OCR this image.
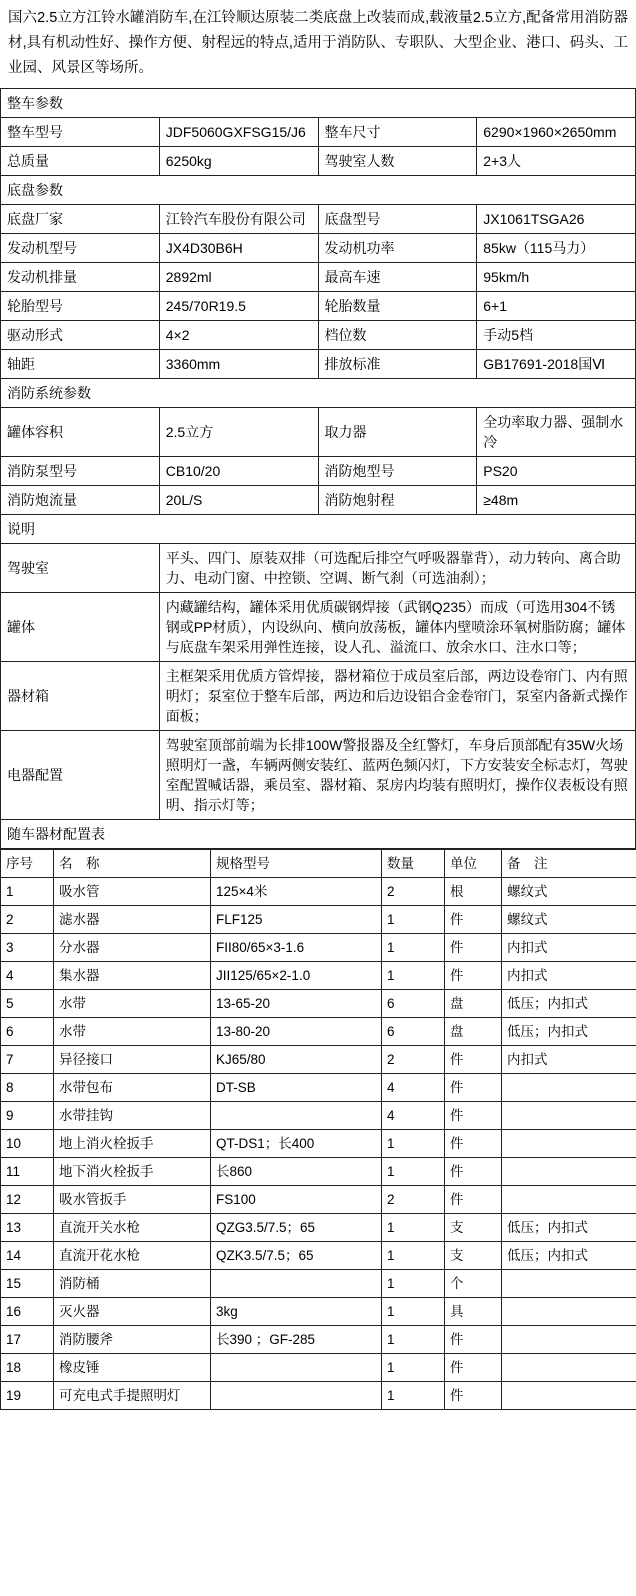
国六2.5立方江铃水罐消防车,在江铃顺达原装二类底盘上改装而成,载液量2.5立方,配备常用消防器材,具有机动性好、操作方便、射程远的特点,适用于消防队、专职队、大型企业、港口、码头、工业园、风景区等场所。
整车参数			
整车型号	JDF5060GXFSG15/J6	整车尺寸	6290×1960×2650mm
总质量	6250kg	驾驶室人数	2+3人
底盘参数			
底盘厂家	江铃汽车股份有限公司	底盘型号	JX1061TSGA26
发动机型号	JX4D30B6H	发动机功率	85kw（115马力）
发动机排量	2892ml	最高车速	95km/h
轮胎型号	245/70R19.5	轮胎数量	6+1
驱动形式	4×2	档位数	手动5档
轴距	3360mm	排放标准	GB17691-2018国Ⅵ
消防系统参数			
罐体容积	2.5立方	取力器	全功率取力器、强制水冷
消防泵型号	CB10/20	消防炮型号	PS20
消防炮流量	20L/S	消防炮射程	≥48m
说明			
驾驶室	平头、四门、原装双排（可选配后排空气呼吸器靠背），动力转向、离合助力、电动门窗、中控锁、空调、断气刹（可选油刹）；		
罐体	内藏罐结构，罐体采用优质碳钢焊接（武钢Q235）而成（可选用304不锈钢或PP材质），内设纵向、横向放荡板，罐体内壁喷涂环氧树脂防腐；罐体与底盘车架采用弹性连接，设人孔、溢流口、放余水口、注水口等；		
器材箱	主框架采用优质方管焊接，器材箱位于成员室后部，两边设卷帘门、内有照明灯；泵室位于整车后部，两边和后边设铝合金卷帘门，泵室内备新式操作面板；		
电器配置	驾驶室顶部前端为长排100W警报器及全红警灯，车身后顶部配有35W火场照明灯一盏，车辆两侧安装红、蓝两色频闪灯，下方安装安全标志灯，驾驶室配置喊话器，乘员室、器材箱、泵房内均装有照明灯，操作仪表板设有照明、指示灯等；		
随车器材配置表			
序号	名　称	规格型号	数量	单位	备　注
1	吸水管	125×4米	2	根	螺纹式
2	滤水器	FLF125	1	件	螺纹式
3	分水器	FII80/65×3-1.6	1	件	内扣式
4	集水器	JII125/65×2-1.0	1	件	内扣式
5	水带	13-65-20	6	盘	低压；内扣式
6	水带	13-80-20	6	盘	低压；内扣式
7	异径接口	KJ65/80	2	件	内扣式
8	水带包布	DT-SB	4	件	
9	水带挂钩		4	件	
10	地上消火栓扳手	QT-DS1；长400	1	件	
11	地下消火栓扳手	长860	1	件	
12	吸水管扳手	FS100	2	件	
13	直流开关水枪	QZG3.5/7.5；65	1	支	低压；内扣式
14	直流开花水枪	QZK3.5/7.5；65	1	支	低压；内扣式
15	消防桶		1	个	
16	灭火器	3kg	1	具	
17	消防腰斧	长390 ；GF-285	1	件	
18	橡皮锤		1	件	
19	可充电式手提照明灯		1	件	
